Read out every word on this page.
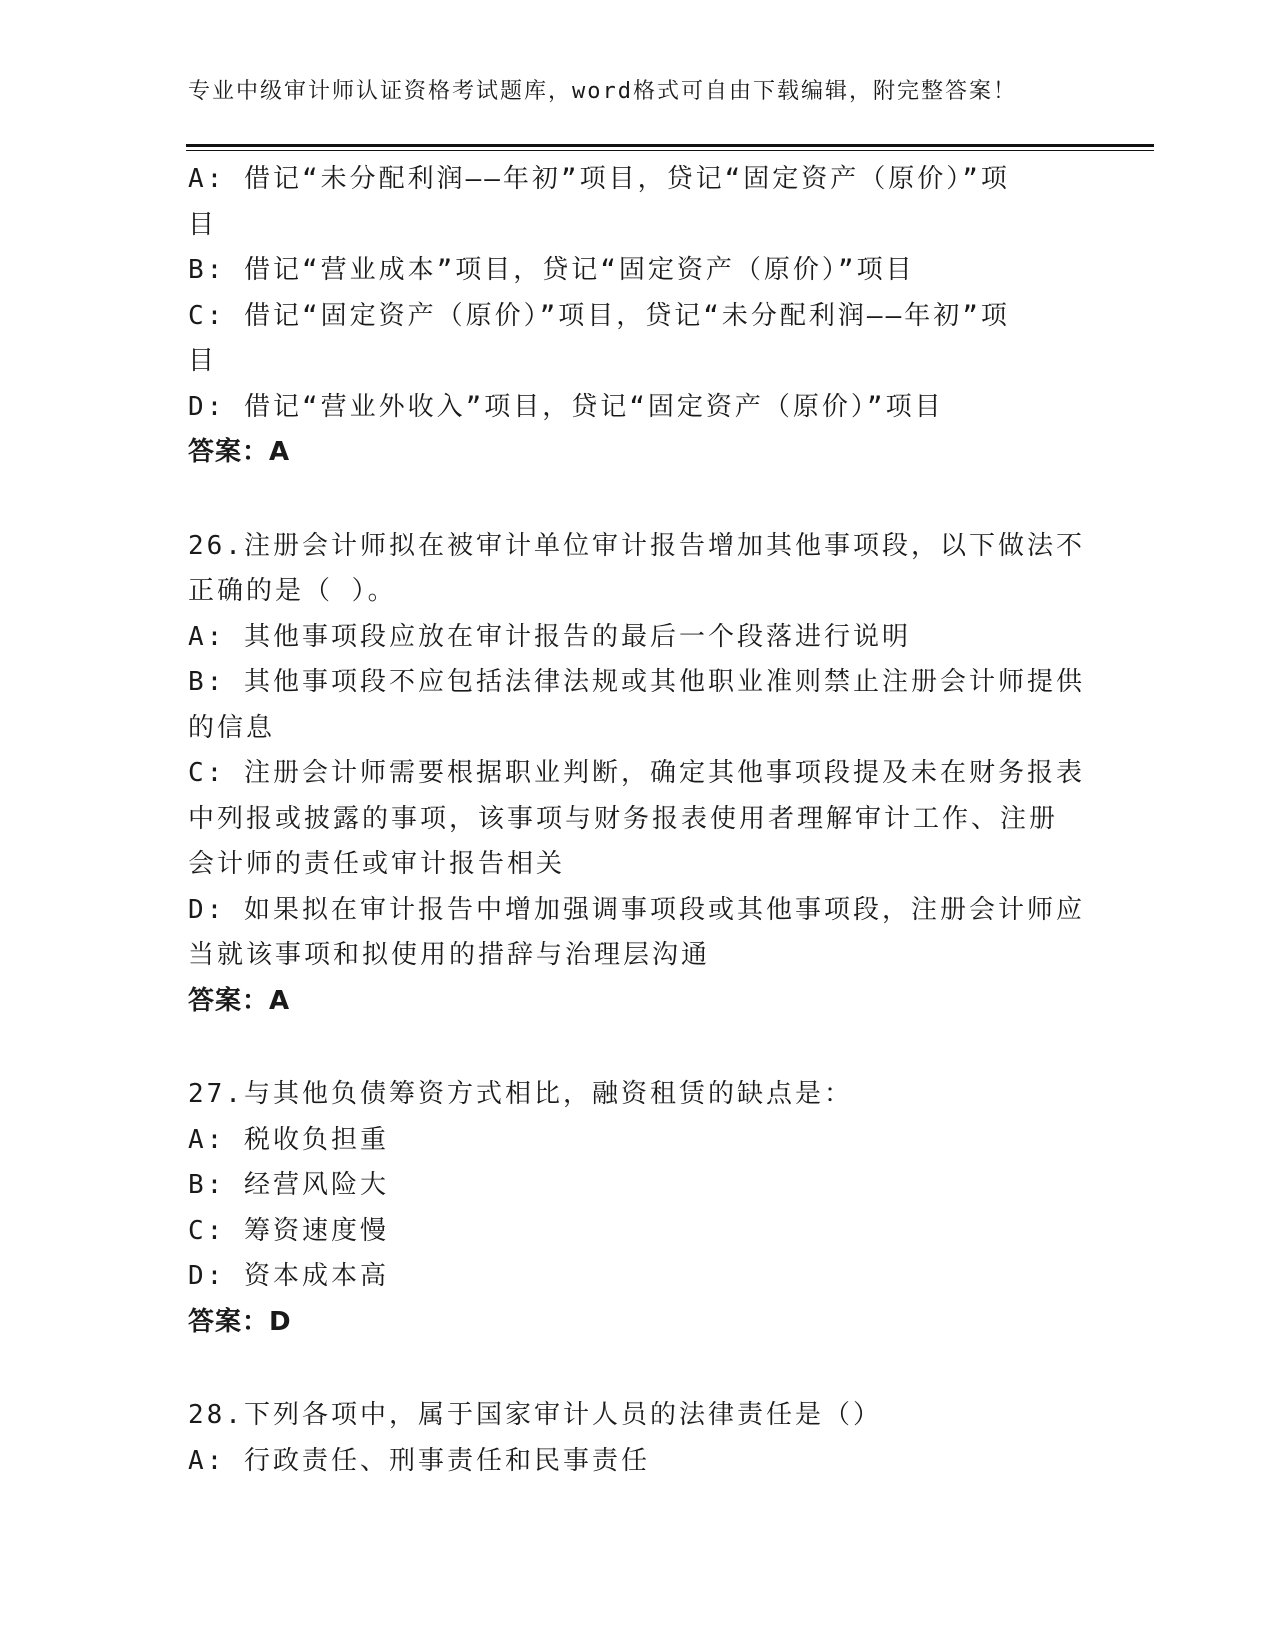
专业中级审计师认证资格考试题库，word格式可自由下载编辑，附完整答案！
A: 借记“未分配利润——年初”项目，贷记“固定资产（原价）”项
目
B: 借记“营业成本”项目，贷记“固定资产（原价）”项目
C: 借记“固定资产（原价）”项目，贷记“未分配利润——年初”项
目
D: 借记“营业外收入”项目，贷记“固定资产（原价）”项目
答案：A
26.注册会计师拟在被审计单位审计报告增加其他事项段，以下做法不
正确的是（ ）。
A: 其他事项段应放在审计报告的最后一个段落进行说明
B: 其他事项段不应包括法律法规或其他职业准则禁止注册会计师提供
的信息
C: 注册会计师需要根据职业判断，确定其他事项段提及未在财务报表
中列报或披露的事项，该事项与财务报表使用者理解审计工作、注册
会计师的责任或审计报告相关
D: 如果拟在审计报告中增加强调事项段或其他事项段，注册会计师应
当就该事项和拟使用的措辞与治理层沟通
答案：A
27.与其他负债筹资方式相比，融资租赁的缺点是：
A: 税收负担重
B: 经营风险大
C: 筹资速度慢
D: 资本成本高
答案：D
28.下列各项中，属于国家审计人员的法律责任是（）
A: 行政责任、刑事责任和民事责任
